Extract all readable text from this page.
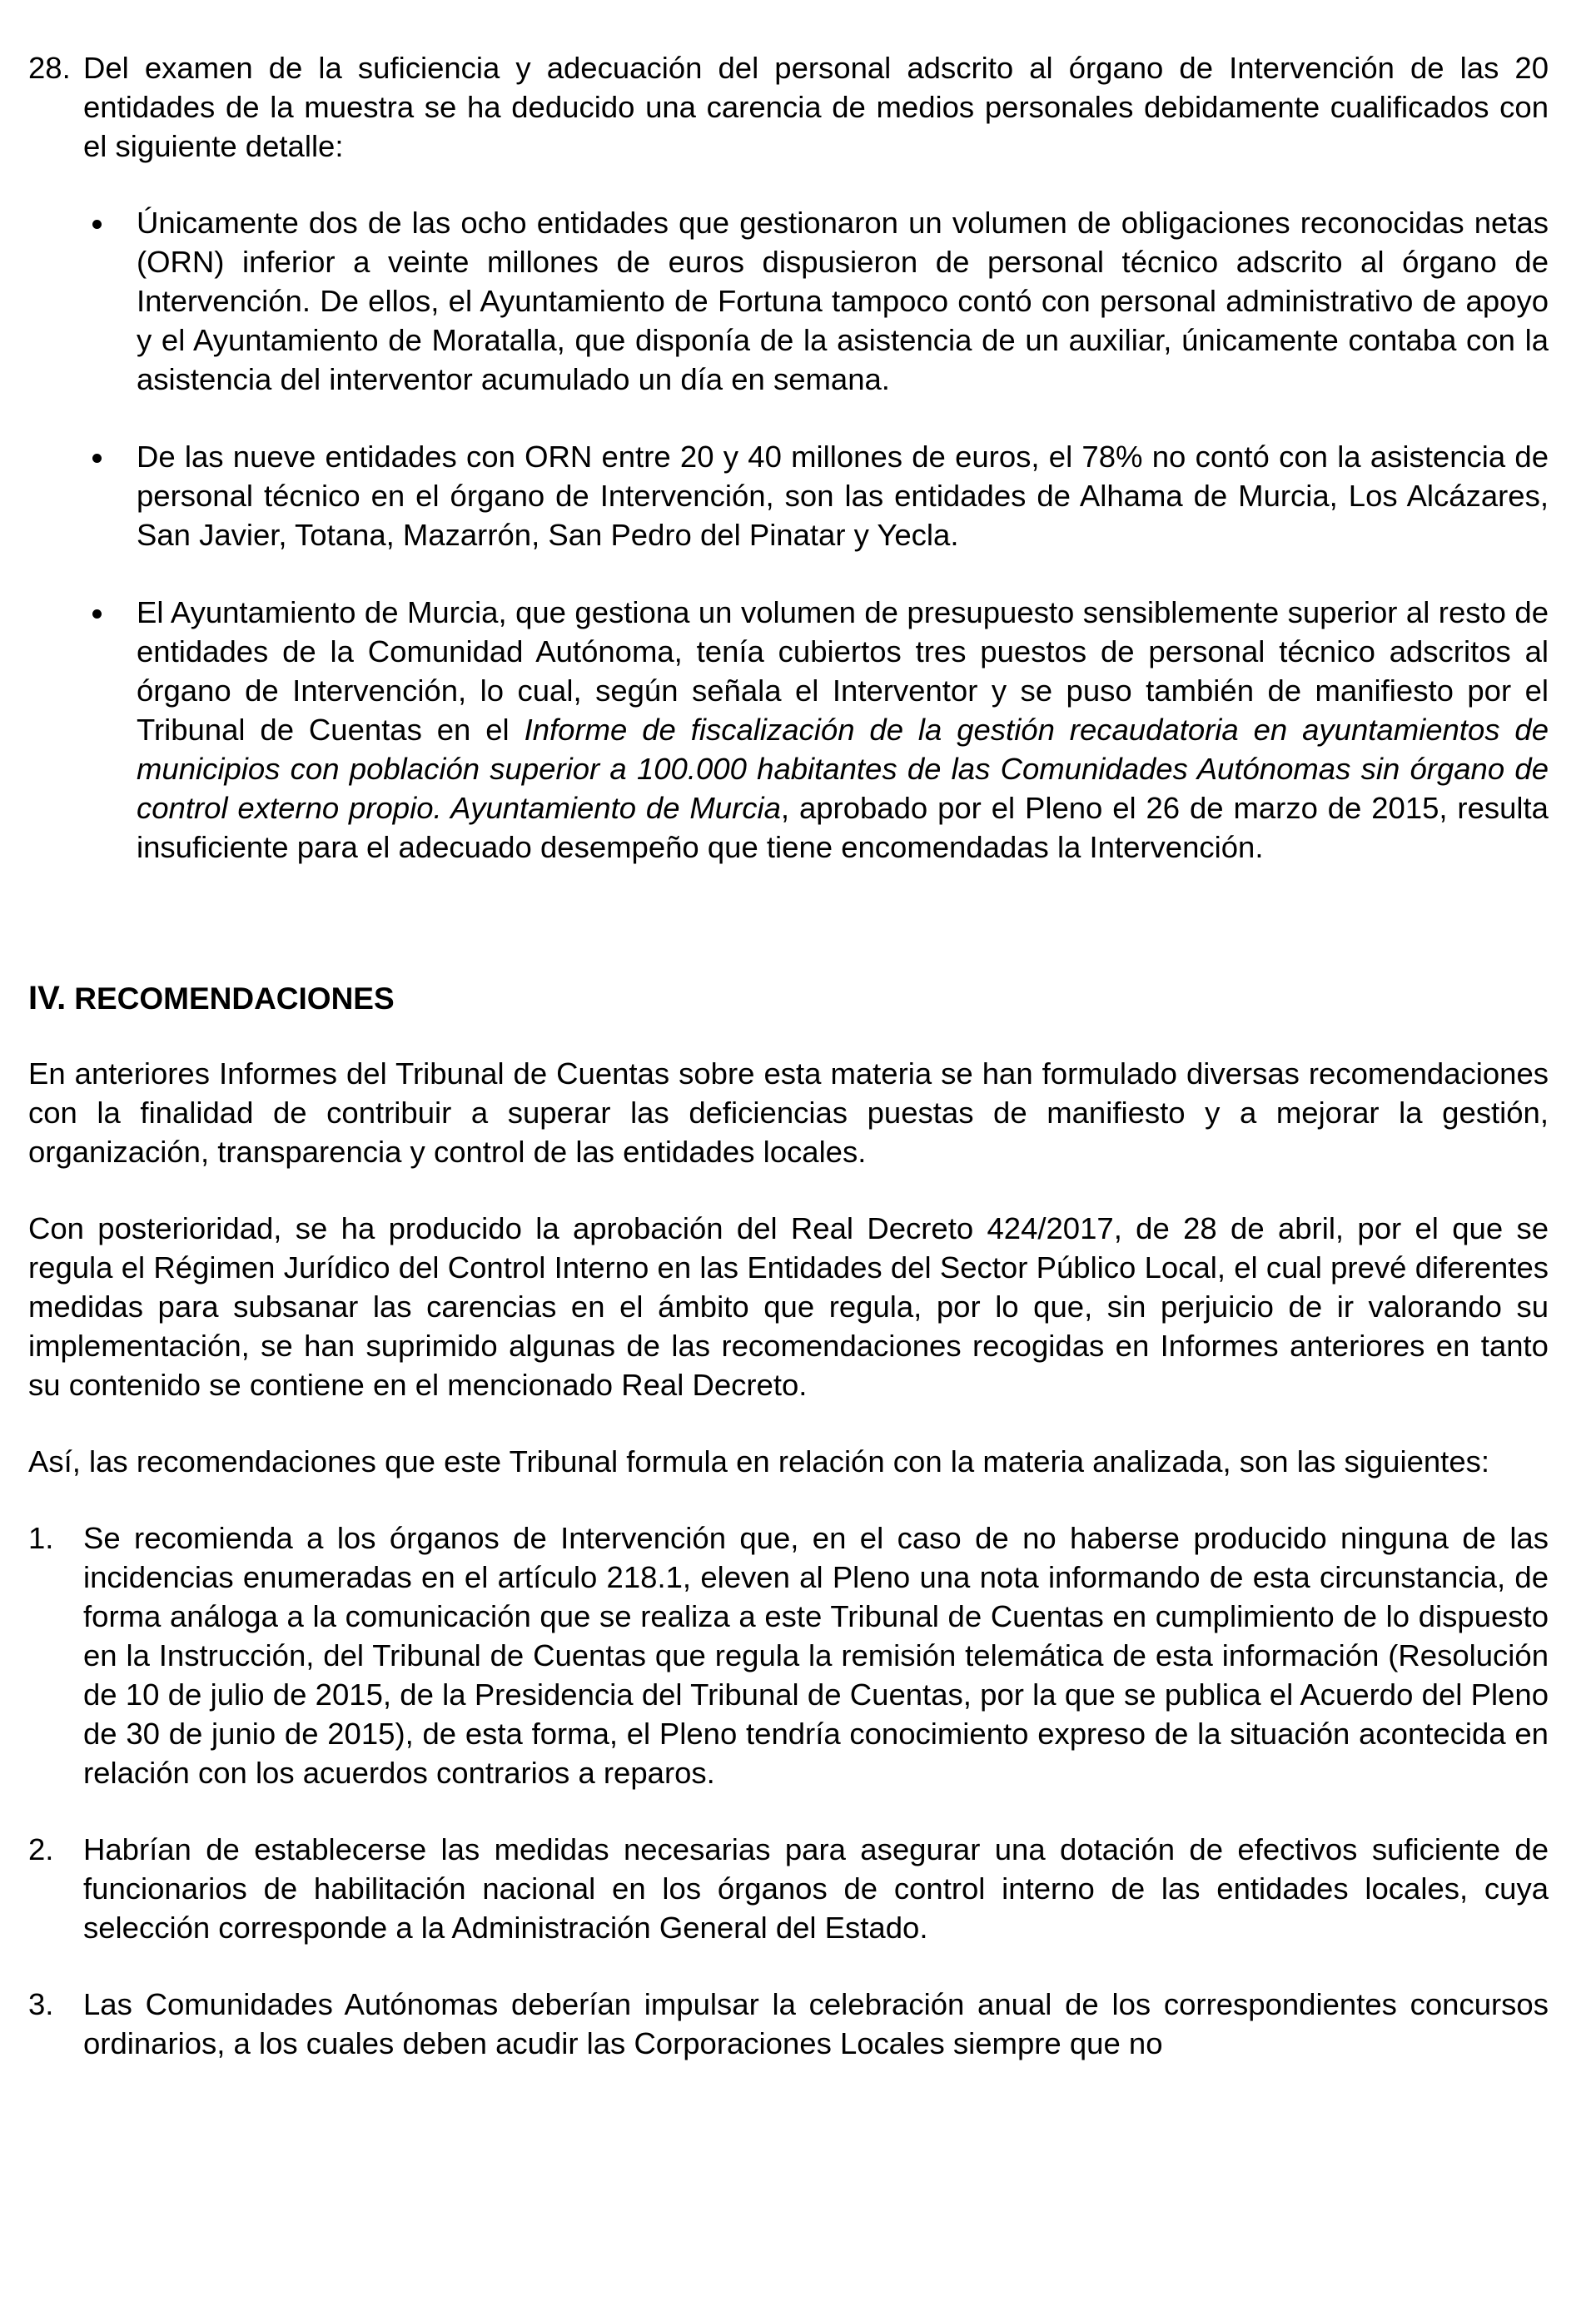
28. Del examen de la suficiencia y adecuación del personal adscrito al órgano de Intervención de las 20 entidades de la muestra se ha deducido una carencia de medios personales debidamente cualificados con el siguiente detalle:

Únicamente dos de las ocho entidades que gestionaron un volumen de obligaciones reconocidas netas (ORN) inferior a veinte millones de euros dispusieron de personal técnico adscrito al órgano de Intervención. De ellos, el Ayuntamiento de Fortuna tampoco contó con personal administrativo de apoyo y el Ayuntamiento de Moratalla, que disponía de la asistencia de un auxiliar, únicamente contaba con la asistencia del interventor acumulado un día en semana.
De las nueve entidades con ORN entre 20 y 40 millones de euros, el 78% no contó con la asistencia de personal técnico en el órgano de Intervención, son las entidades de Alhama de Murcia, Los Alcázares, San Javier, Totana, Mazarrón, San Pedro del Pinatar y Yecla.
El Ayuntamiento de Murcia, que gestiona un volumen de presupuesto sensiblemente superior al resto de entidades de la Comunidad Autónoma, tenía cubiertos tres puestos de personal técnico adscritos al órgano de Intervención, lo cual, según señala el Interventor y se puso también de manifiesto por el Tribunal de Cuentas en el Informe de fiscalización de la gestión recaudatoria en ayuntamientos de municipios con población superior a 100.000 habitantes de las Comunidades Autónomas sin órgano de control externo propio. Ayuntamiento de Murcia, aprobado por el Pleno el 26 de marzo de 2015, resulta insuficiente para el adecuado desempeño que tiene encomendadas la Intervención.
IV. RECOMENDACIONES

En anteriores Informes del Tribunal de Cuentas sobre esta materia se han formulado diversas recomendaciones con la finalidad de contribuir a superar las deficiencias puestas de manifiesto y a mejorar la gestión, organización, transparencia y control de las entidades locales.

Con posterioridad, se ha producido la aprobación del Real Decreto 424/2017, de 28 de abril, por el que se regula el Régimen Jurídico del Control Interno en las Entidades del Sector Público Local, el cual prevé diferentes medidas para subsanar las carencias en el ámbito que regula, por lo que, sin perjuicio de ir valorando su implementación, se han suprimido algunas de las recomendaciones recogidas en Informes anteriores en tanto su contenido se contiene en el mencionado Real Decreto.

Así, las recomendaciones que este Tribunal formula en relación con la materia analizada, son las siguientes:

1. Se recomienda a los órganos de Intervención que, en el caso de no haberse producido ninguna de las incidencias enumeradas en el artículo 218.1, eleven al Pleno una nota informando de esta circunstancia, de forma análoga a la comunicación que se realiza a este Tribunal de Cuentas en cumplimiento de lo dispuesto en la Instrucción, del Tribunal de Cuentas que regula la remisión telemática de esta información (Resolución de 10 de julio de 2015, de la Presidencia del Tribunal de Cuentas, por la que se publica el Acuerdo del Pleno de 30 de junio de 2015), de esta forma, el Pleno tendría conocimiento expreso de la situación acontecida en relación con los acuerdos contrarios a reparos.

2. Habrían de establecerse las medidas necesarias para asegurar una dotación de efectivos suficiente de funcionarios de habilitación nacional en los órganos de control interno de las entidades locales, cuya selección corresponde a la Administración General del Estado.

3. Las Comunidades Autónomas deberían impulsar la celebración anual de los correspondientes concursos ordinarios, a los cuales deben acudir las Corporaciones Locales siempre que no
